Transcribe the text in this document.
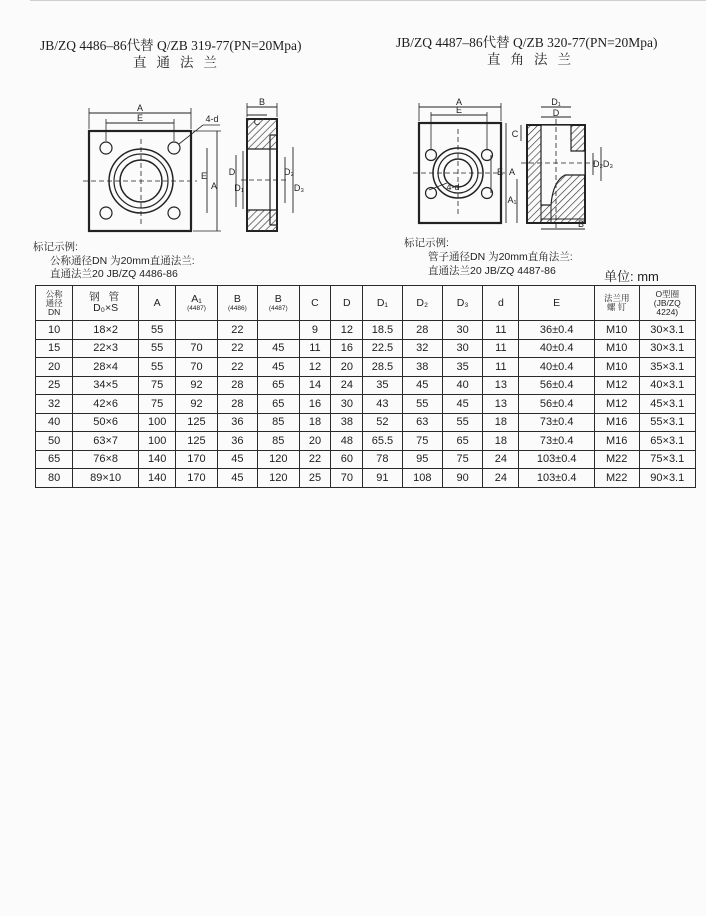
JB/ZQ 4486–86代替 Q/ZB 319-77(PN=20Mpa)
直通法兰
JB/ZQ 4487–86代替 Q/ZB 320-77(PN=20Mpa)
直角法兰
A
E	4-d
E
A
B
C
D
D₁
D₂
D₃
A
E
E A
4-d
D₁
D
C
D₂ D₃
A₁
B
标记示例:
公称通径DN 为20mm直通法兰:
直通法兰20 JB/ZQ 4486-86
标记示例:
管子通径DN 为20mm直角法兰:
直通法兰20 JB/ZQ 4487-86	单位: mm
公称
通径
DN	钢 管
D₀×S	A	A₁
(4487)	B
(4486)	B
(4487)	C	D	D₁	D₂	D₃	d	E	法兰用
螺 钉	O型圈
(JB/ZQ
4224)

10	18×2	55		22		9	12	18.5	28	30	11	36±0.4	M10	30×3.1
15	22×3	55	70	22	45	11	16	22.5	32	30	11	40±0.4	M10	30×3.1
20	28×4	55	70	22	45	12	20	28.5	38	35	11	40±0.4	M10	35×3.1
25	34×5	75	92	28	65	14	24	35	45	40	13	56±0.4	M12	40×3.1
32	42×6	75	92	28	65	16	30	43	55	45	13	56±0.4	M12	45×3.1
40	50×6	100	125	36	85	18	38	52	63	55	18	73±0.4	M16	55×3.1
50	63×7	100	125	36	85	20	48	65.5	75	65	18	73±0.4	M16	65×3.1
65	76×8	140	170	45	120	22	60	78	95	75	24	103±0.4	M22	75×3.1
80	89×10	140	170	45	120	25	70	91	108	90	24	103±0.4	M22	90×3.1
